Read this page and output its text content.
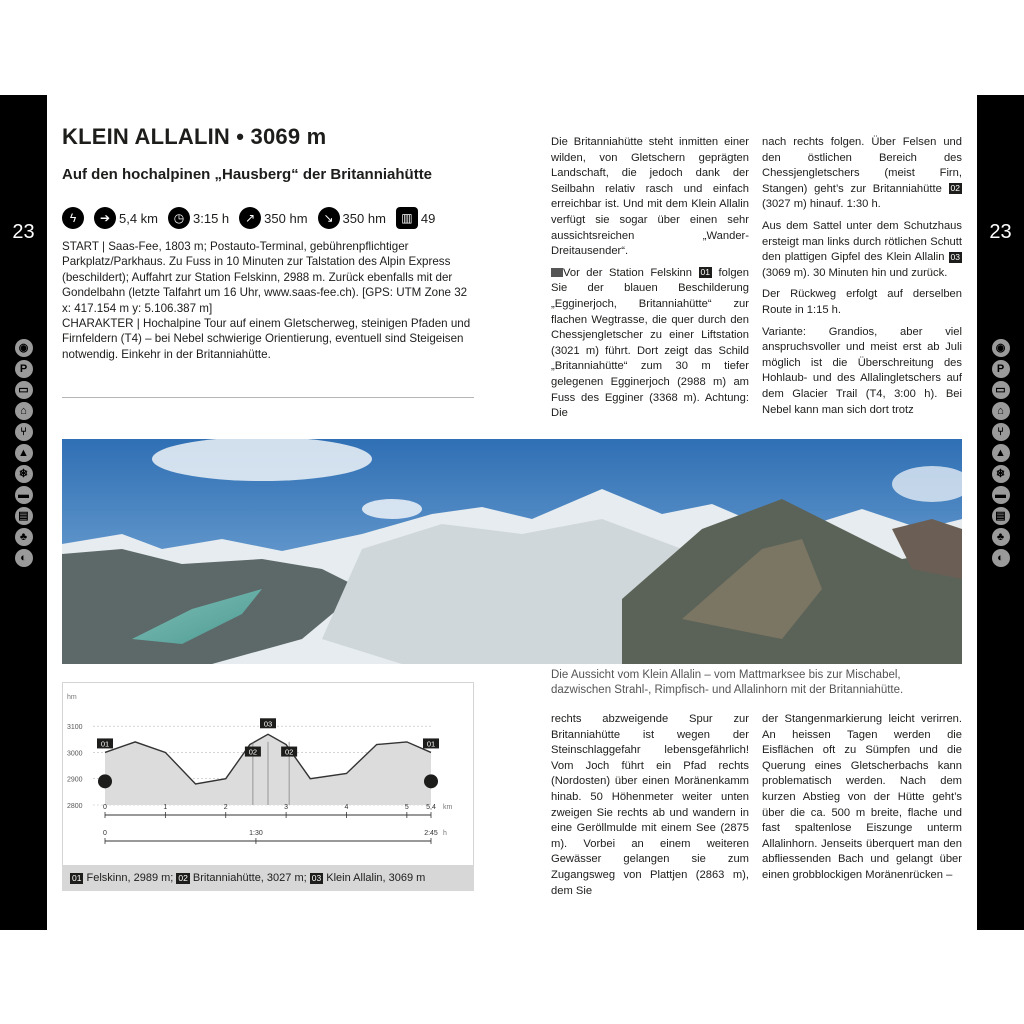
23
◉
P
▭
⌂
⑂
▲
❄
▬
▤
♣
◐
104
23
◉
P
▭
⌂
⑂
▲
❄
▬
▤
♣
◐
105
KLEIN ALLALIN • 3069 m
Auf den hochalpinen „Hausberg“ der Britanniahütte
ϟ	➔ 5,4 km	◷ 3:15 h	↗ 350 hm	↘ 350 hm	▥ 49

START | Saas-Fee, 1803 m; Postauto-Terminal, gebührenpflichtiger Parkplatz/Parkhaus. Zu Fuss in 10 Minuten zur Talstation des Alpin Express (beschildert); Auffahrt zur Station Felskinn, 2988 m. Zurück ebenfalls mit der Gondelbahn (letzte Talfahrt um 16 Uhr, www.saas-fee.ch). [GPS: UTM Zone 32 x: 417.154 m y: 5.106.387 m]
CHARAKTER | Hochalpine Tour auf einem Gletscherweg, steinigen Pfaden und Firnfeldern (T4) – bei Nebel schwierige Orientierung, eventuell sind Steigeisen notwendig. Einkehr in der Britanniahütte.

Die Britanniahütte steht inmitten einer wilden, von Gletschern geprägten Landschaft, die jedoch dank der Seilbahn relativ rasch und einfach erreichbar ist. Und mit dem Klein Allalin verfügt sie sogar über einen sehr aussichtsreichen „Wander-Dreitausender“.

Vor der Station Felskinn 01 folgen Sie der blauen Beschilderung „Egginerjoch, Britanniahütte“ zur flachen Wegtrasse, die quer durch den Chessjengletscher zu einer Liftstation (3021 m) führt. Dort zeigt das Schild „Britanniahütte“ zum 30 m tiefer gelegenen Egginerjoch (2988 m) am Fuss des Egginer (3368 m). Achtung: Die

nach rechts folgen. Über Felsen und den östlichen Bereich des Chessjengletschers (meist Firn, Stangen) geht’s zur Britanniahütte 02 (3027 m) hinauf. 1:30 h.

Aus dem Sattel unter dem Schutzhaus ersteigt man links durch rötlichen Schutt den plattigen Gipfel des Klein Allalin 03 (3069 m). 30 Minuten hin und zurück.

Der Rückweg erfolgt auf derselben Route in 1:15 h.

Variante: Grandios, aber viel anspruchsvoller und meist erst ab Juli möglich ist die Überschreitung des Hohlaub- und des Allalingletschers auf dem Glacier Trail (T4, 3:00 h). Bei Nebel kann man sich dort trotz

Die Aussicht vom Klein Allalin – vom Mattmarksee bis zur Mischabel, dazwischen Strahl-, Rimpfisch- und Allalinhorn mit der Britanniahütte.

hm
2800
2900
3000
3100
01
02
03
02
01
0	1	2	3	4	5 5,4 km
0	1:30	2:45 h
01 Felskinn, 2989 m; 02 Britanniahütte, 3027 m; 03 Klein Allalin, 3069 m

rechts abzweigende Spur zur Britanniahütte ist wegen der Steinschlaggefahr lebensgefährlich! Vom Joch führt ein Pfad rechts (Nordosten) über einen Moränenkamm hinab. 50 Höhenmeter weiter unten zweigen Sie rechts ab und wandern in eine Geröllmulde mit einem See (2875 m). Vorbei an einem weiteren Gewässer gelangen sie zum Zugangsweg von Plattjen (2863 m), dem Sie

der Stangenmarkierung leicht verirren. An heissen Tagen werden die Eisflächen oft zu Sümpfen und die Querung eines Gletscherbachs kann problematisch werden. Nach dem kurzen Abstieg von der Hütte geht’s über die ca. 500 m breite, flache und fast spaltenlose Eiszunge unterm Allalinhorn. Jenseits überquert man den abfliessenden Bach und gelangt über einen grobblockigen Moränenrücken –
